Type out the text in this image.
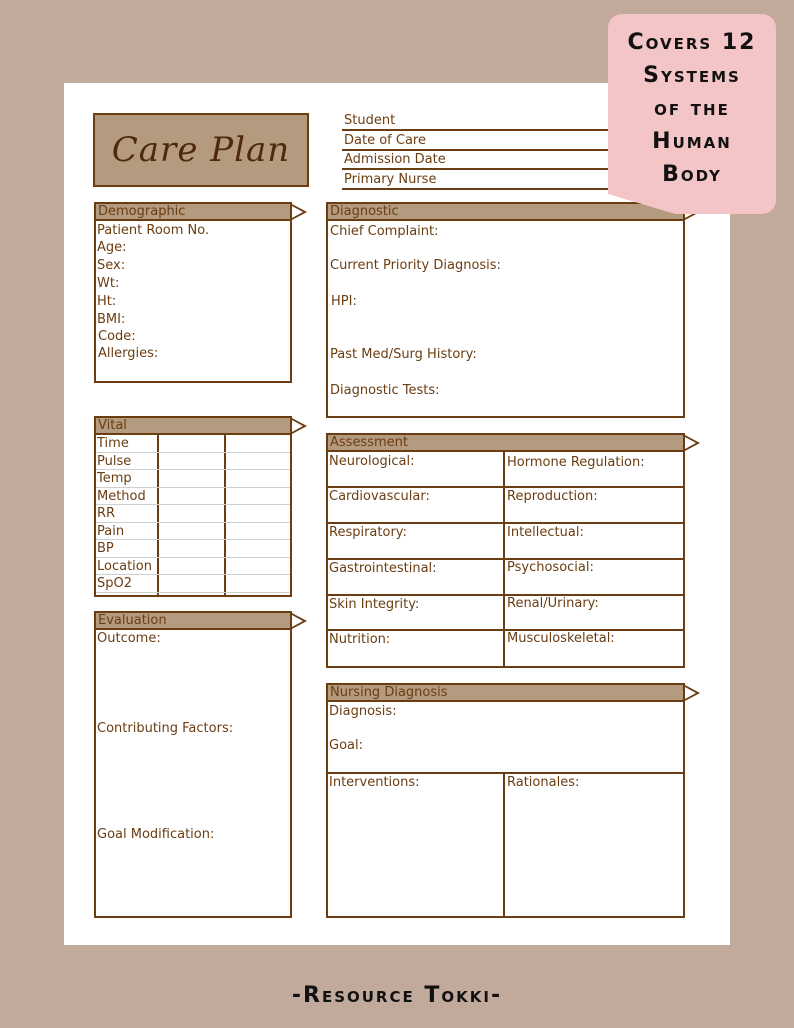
Care Plan
Student
Date of Care
Admission Date
Primary Nurse
Demographic
Patient Room No.
Age:
Sex:
Wt:
Ht:
BMI:
Code:
Allergies:
Diagnostic
Chief Complaint:
Current Priority Diagnosis:
HPI:
Past Med/Surg History:
Diagnostic Tests:
Time
Pulse
Temp
Method
RR
Pain
BP
Location
SpO2
Vital
Assessment
Neurological:
Cardiovascular:
Respiratory:
Gastrointestinal:
Skin Integrity:
Nutrition:
Hormone Regulation:
Reproduction:
Intellectual:
Psychosocial:
Renal/Urinary:
Musculoskeletal:
Evaluation
Outcome:
Contributing Factors:
Goal Modification:
Nursing Diagnosis
Diagnosis:
Goal:
Interventions:	Rationales:
Covers 12
Systems
of the
Human
Body
-Resource Tokki-
